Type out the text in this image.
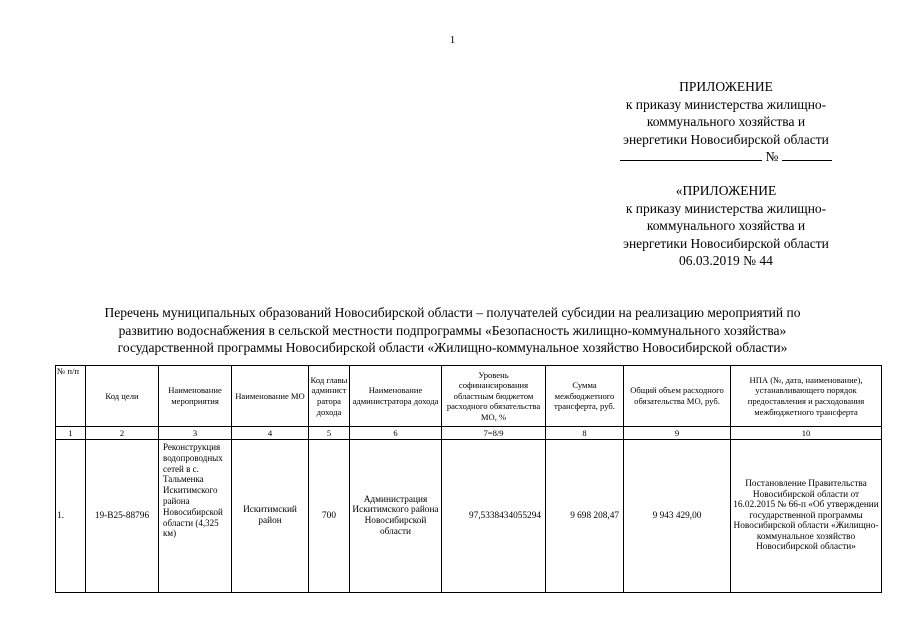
1
ПРИЛОЖЕНИЕ
к приказу министерства жилищно-
коммунального хозяйства и
энергетики Новосибирской области
№
«ПРИЛОЖЕНИЕ
к приказу министерства жилищно-
коммунального хозяйства и
энергетики Новосибирской области
06.03.2019 № 44
Перечень муниципальных образований Новосибирской области – получателей субсидии на реализацию мероприятий по
развитию водоснабжения в сельской местности подпрограммы «Безопасность жилищно-коммунального хозяйства»
государственной программы Новосибирской области «Жилищно-коммунальное хозяйство Новосибирской области»
№ п/п	Код цели	Наименование мероприятия	Наименование МО	Код главы администратора дохода	Наименование администратора дохода	Уровень софинансирования областным бюджетом расходного обязательства МО, %	Сумма межбюджетного трансферта, руб.	Общий объем расходного обязательства МО, руб.	НПА (№, дата, наименование), устанавливающего порядок предоставления и расходования межбюджетного трансферта
1	2	3	4	5	6	7=8/9	8	9	10
1.	19-B25-88796	Реконструкция водопроводных сетей в с. Тальменка Искитимского района Новосибирской области (4,325 км)	Искитимский район	700	Администрация Искитимского района Новосибирской области	97,5338434055294	9 698 208,47	9 943 429,00	Постановление Правительства Новосибирской области от 16.02.2015 № 66-п «Об утверждении государственной программы Новосибирской области «Жилищно-коммунальное хозяйство Новосибирской области»
